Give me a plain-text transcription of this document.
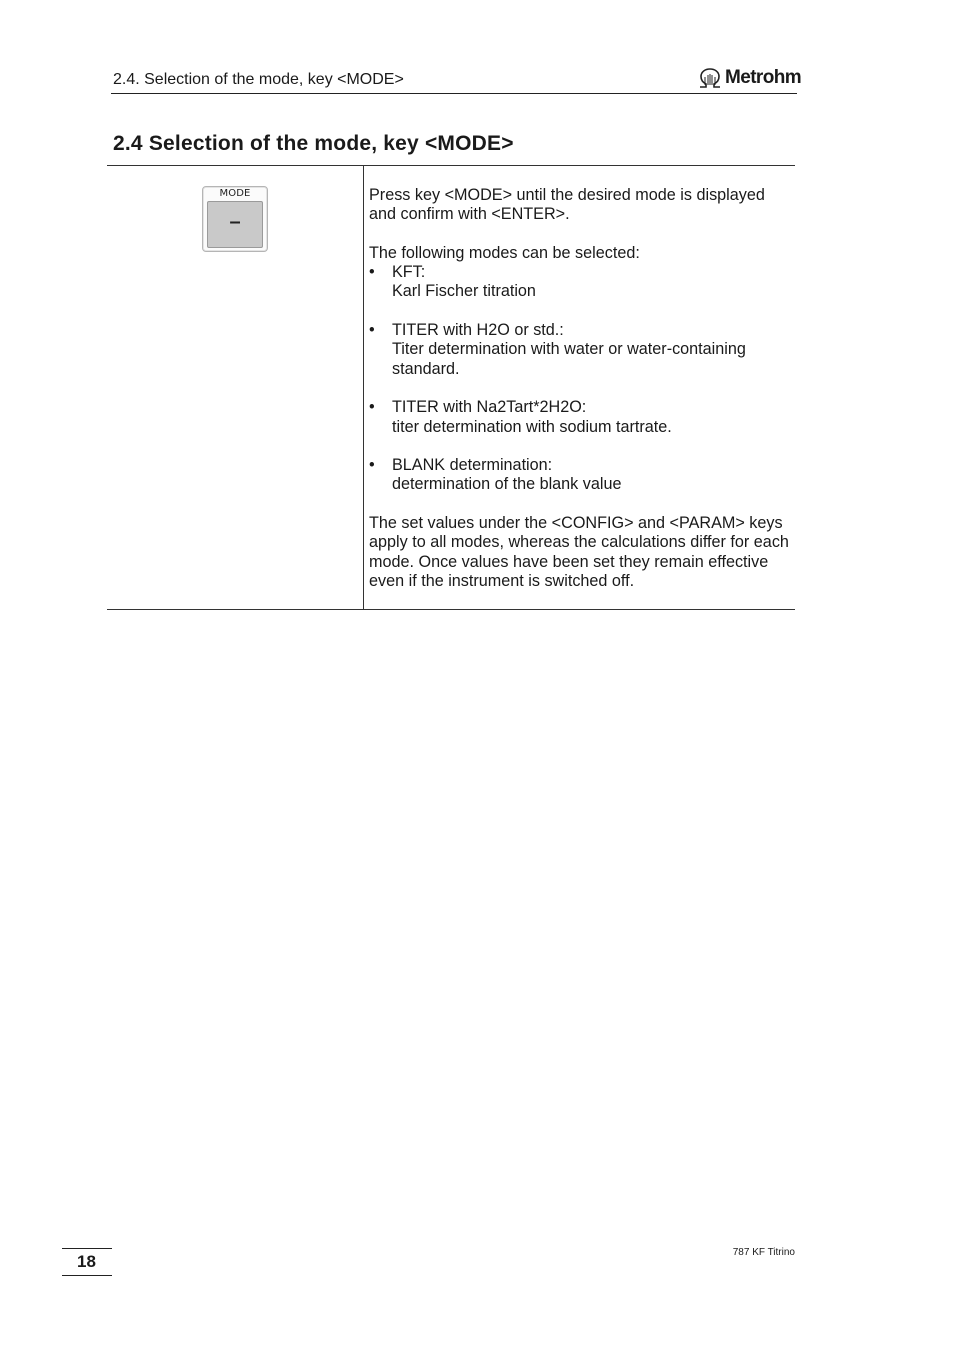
2.4. Selection of the mode, key <MODE>	Metrohm
2.4 Selection of the mode, key <MODE>
MODE
–

Press key <MODE> until the desired mode is displayed and confirm with <ENTER>.

The following modes can be selected:
• KFT:
Karl Fischer titration
• TITER with H2O or std.:
Titer determination with water or water-containing standard.
• TITER with Na2Tart*2H2O:
titer determination with sodium tartrate.
• BLANK determination:
determination of the blank value

The set values under the <CONFIG> and <PARAM> keys apply to all modes, whereas the calculations differ for each mode. Once values have been set they remain effective even if the instrument is switched off.

18	787 KF Titrino
